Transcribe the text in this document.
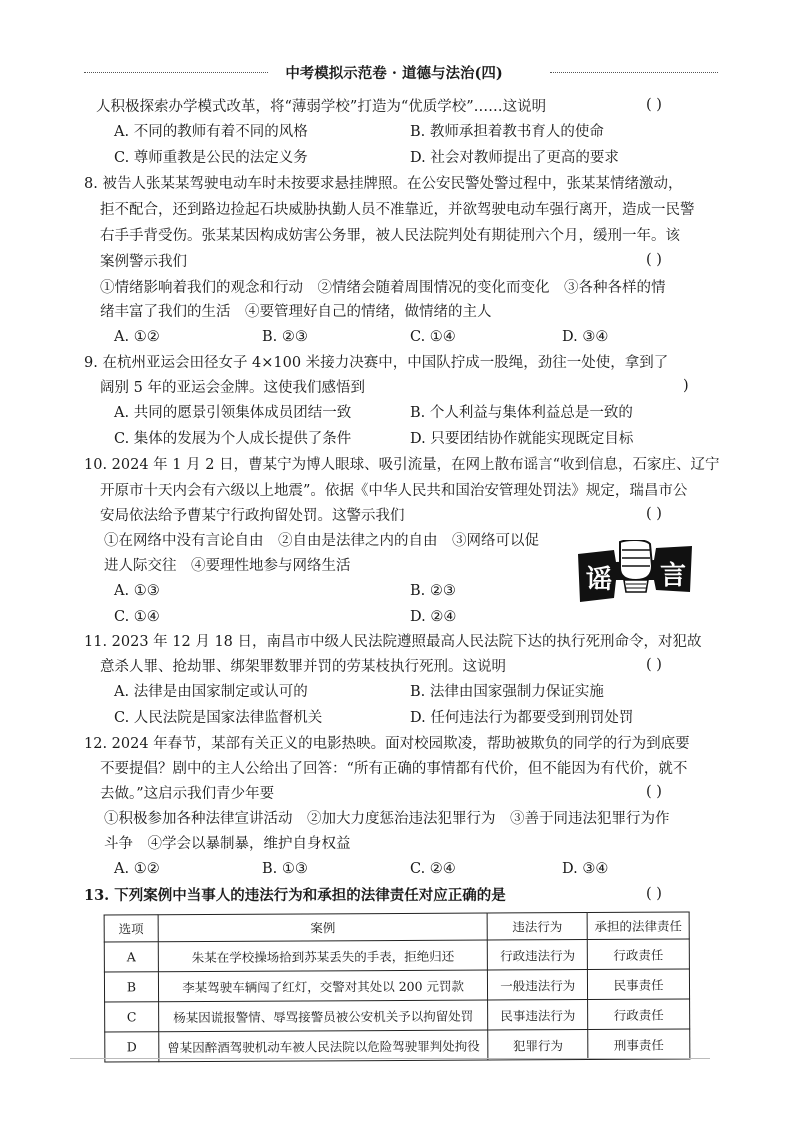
中考模拟示范卷 · 道德与法治(四)
人积极探索办学模式改革，将“薄弱学校”打造为“优质学校”……这说明	( )
A. 不同的教师有着不同的风格	B. 教师承担着教书育人的使命
C. 尊师重教是公民的法定义务	D. 社会对教师提出了更高的要求
8. 被告人张某某驾驶电动车时未按要求悬挂牌照。在公安民警处警过程中，张某某情绪激动，
拒不配合，还到路边捡起石块威胁执勤人员不准靠近，并欲驾驶电动车强行离开，造成一民警
右手手背受伤。张某某因构成妨害公务罪，被人民法院判处有期徒刑六个月，缓刑一年。该
案例警示我们	( )
①情绪影响着我们的观念和行动　②情绪会随着周围情况的变化而变化　③各种各样的情
绪丰富了我们的生活　④要管理好自己的情绪，做情绪的主人
A. ①②	B. ②③	C. ①④	D. ③④
9. 在杭州亚运会田径女子 4×100 米接力决赛中，中国队拧成一股绳，劲往一处使，拿到了
阔别 5 年的亚运会金牌。这使我们感悟到	)
A. 共同的愿景引领集体成员团结一致	B. 个人利益与集体利益总是一致的
C. 集体的发展为个人成长提供了条件	D. 只要团结协作就能实现既定目标
10. 2024 年 1 月 2 日，曹某宁为博人眼球、吸引流量，在网上散布谣言“收到信息，石家庄、辽宁
开原市十天内会有六级以上地震”。依据《中华人民共和国治安管理处罚法》规定，瑞昌市公
安局依法给予曹某宁行政拘留处罚。这警示我们	( )
①在网络中没有言论自由　②自由是法律之内的自由　③网络可以促
进人际交往　④要理性地参与网络生活
A. ①③	B. ②③
C. ①④	D. ②④
谣 言
11. 2023 年 12 月 18 日，南昌市中级人民法院遵照最高人民法院下达的执行死刑命令，对犯故
意杀人罪、抢劫罪、绑架罪数罪并罚的劳某枝执行死刑。这说明	( )
A. 法律是由国家制定或认可的	B. 法律由国家强制力保证实施
C. 人民法院是国家法律监督机关	D. 任何违法行为都要受到刑罚处罚
12. 2024 年春节，某部有关正义的电影热映。面对校园欺凌，帮助被欺负的同学的行为到底要
不要提倡？剧中的主人公给出了回答：“所有正确的事情都有代价，但不能因为有代价，就不
去做。”这启示我们青少年要	( )
①积极参加各种法律宣讲活动　②加大力度惩治违法犯罪行为　③善于同违法犯罪行为作
斗争　④学会以暴制暴，维护自身权益
A. ①②	B. ①③	C. ②④	D. ③④
13. 下列案例中当事人的违法行为和承担的法律责任对应正确的是	( )
选项	案例	违法行为	承担的法律责任
A	朱某在学校操场拾到苏某丢失的手表，拒绝归还	行政违法行为	行政责任
B	李某驾驶车辆闯了红灯，交警对其处以 200 元罚款	一般违法行为	民事责任
C	杨某因谎报警情、辱骂接警员被公安机关予以拘留处罚	民事违法行为	行政责任
D	曾某因醉酒驾驶机动车被人民法院以危险驾驶罪判处拘役	犯罪行为	刑事责任
